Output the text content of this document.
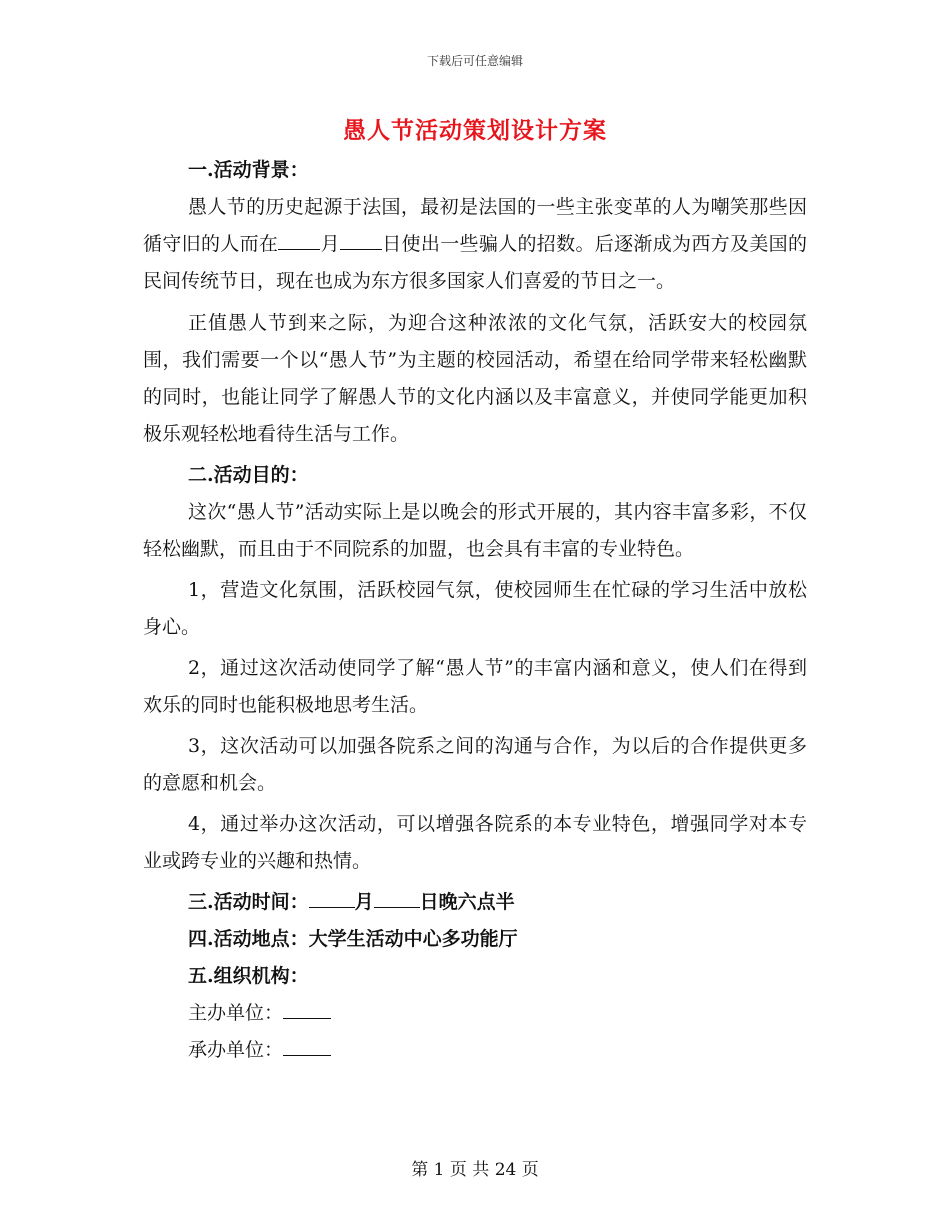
下载后可任意编辑
愚人节活动策划设计方案
一.活动背景：

愚人节的历史起源于法国，最初是法国的一些主张变革的人为嘲笑那些因循守旧的人而在 月 日使出一些骗人的招数。后逐渐成为西方及美国的民间传统节日，现在也成为东方很多国家人们喜爱的节日之一。

正值愚人节到来之际，为迎合这种浓浓的文化气氛，活跃安大的校园氛围，我们需要一个以“愚人节”为主题的校园活动，希望在给同学带来轻松幽默的同时，也能让同学了解愚人节的文化内涵以及丰富意义，并使同学能更加积极乐观轻松地看待生活与工作。

二.活动目的：

这次“愚人节”活动实际上是以晚会的形式开展的，其内容丰富多彩，不仅轻松幽默，而且由于不同院系的加盟，也会具有丰富的专业特色。

1，营造文化氛围，活跃校园气氛，使校园师生在忙碌的学习生活中放松身心。

2，通过这次活动使同学了解“愚人节”的丰富内涵和意义，使人们在得到欢乐的同时也能积极地思考生活。

3，这次活动可以加强各院系之间的沟通与合作，为以后的合作提供更多的意愿和机会。

4，通过举办这次活动，可以增强各院系的本专业特色，增强同学对本专业或跨专业的兴趣和热情。

三.活动时间： 月 日晚六点半
四.活动地点：大学生活动中心多功能厅
五.组织机构：
主办单位：
承办单位：
第 1 页 共 24 页
